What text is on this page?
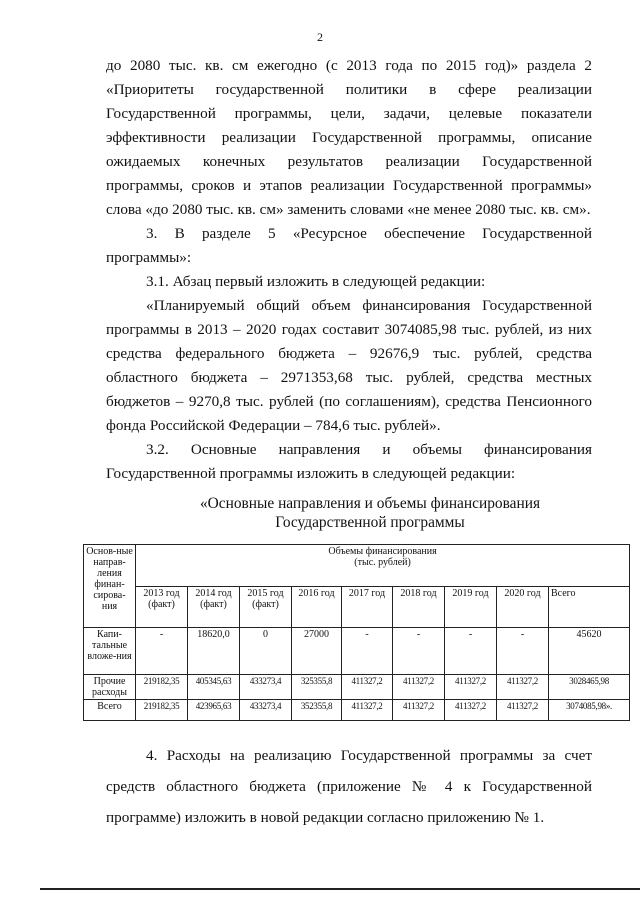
2

до 2080 тыс. кв. см ежегодно (с 2013 года по 2015 год)» раздела 2 «Приоритеты государственной политики в сфере реализации Государственной программы, цели, задачи, целевые показатели эффективности реализации Государственной программы, описание ожидаемых конечных результатов реализации Государственной программы, сроков и этапов реализации Государственной программы» слова «до 2080 тыс. кв. см» заменить словами «не менее 2080 тыс. кв. см».

3. В разделе 5 «Ресурсное обеспечение Государственной программы»:

3.1. Абзац первый изложить в следующей редакции:

«Планируемый общий объем финансирования Государственной программы в 2013 – 2020 годах составит 3074085,98 тыс. рублей, из них средства федерального бюджета – 92676,9 тыс. рублей, средства областного бюджета – 2971353,68 тыс. рублей, средства местных бюджетов – 9270,8 тыс. рублей (по соглашениям), средства Пенсионного фонда Российской Федерации – 784,6 тыс. рублей».

3.2. Основные направления и объемы финансирования Государственной программы изложить в следующей редакции:

«Основные направления и объемы финансирования
Государственной программы
Основ-ные направ-ления финан-сирова-ния	Объемы финансирования
(тыс. рублей)								

	2013 год (факт)	2014 год (факт)	2015 год (факт)	2016 год	2017 год	2018 год	2019 год	2020 год	Всего
Капи-тальные вложе-ния	-	18620,0	0	27000	-	-	-	-	45620
Прочие расходы	219182,35	405345,63	433273,4	325355,8	411327,2	411327,2	411327,2	411327,2	3028465,98
Всего	219182,35	423965,63	433273,4	352355,8	411327,2	411327,2	411327,2	411327,2	3074085,98».

4. Расходы на реализацию Государственной программы за счет средств областного бюджета (приложение № 4 к Государственной программе) изложить в новой редакции согласно приложению № 1.
